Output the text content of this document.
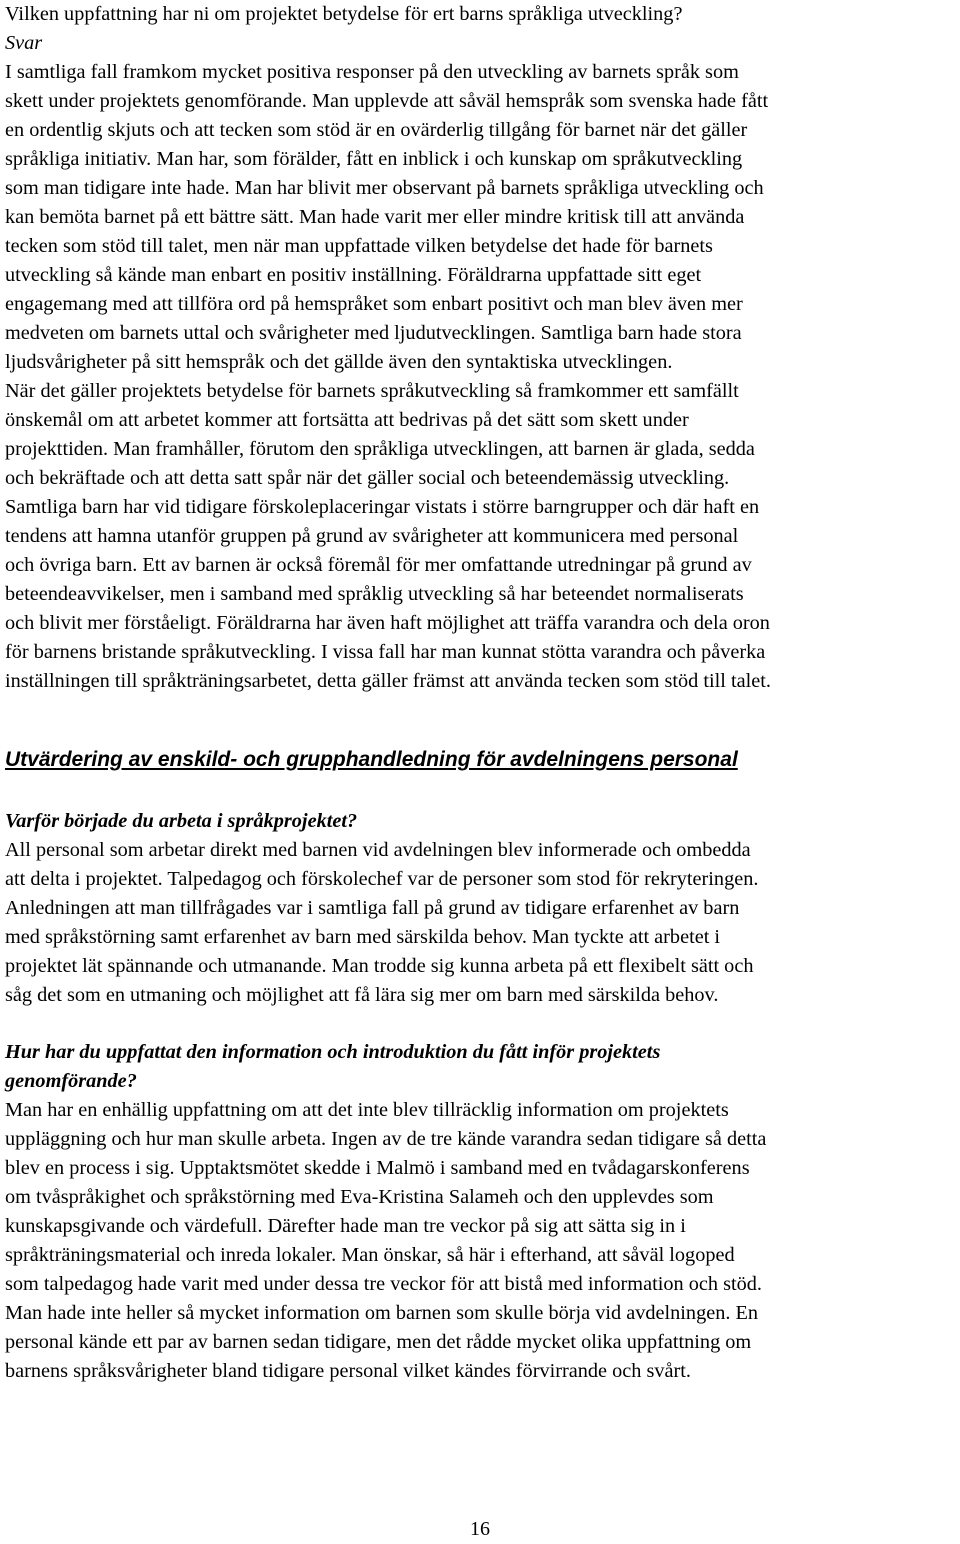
Vilken uppfattning har ni om projektet betydelse för ert barns språkliga utveckling?
Svar
I samtliga fall framkom mycket positiva responser på den utveckling av barnets språk som
skett under projektets genomförande. Man upplevde att såväl hemspråk som svenska hade fått
en ordentlig skjuts och att tecken som stöd är en ovärderlig tillgång för barnet när det gäller
språkliga initiativ. Man har, som förälder, fått en inblick i och kunskap om språkutveckling
som man tidigare inte hade. Man har blivit mer observant på barnets språkliga utveckling och
kan bemöta barnet på ett bättre sätt. Man hade varit mer eller mindre kritisk till att använda
tecken som stöd till talet, men när man uppfattade vilken betydelse det hade för barnets
utveckling så kände man enbart en positiv inställning. Föräldrarna uppfattade sitt eget
engagemang med att tillföra ord på hemspråket som enbart positivt och man blev även mer
medveten om barnets uttal och svårigheter med ljudutvecklingen. Samtliga barn hade stora
ljudsvårigheter på sitt hemspråk och det gällde även den syntaktiska utvecklingen.
När det gäller projektets betydelse för barnets språkutveckling så framkommer ett samfällt
önskemål om att arbetet kommer att fortsätta att bedrivas på det sätt som skett under
projekttiden. Man framhåller, förutom den språkliga utvecklingen, att barnen är glada, sedda
och bekräftade och att detta satt spår när det gäller social och beteendemässig utveckling.
Samtliga barn har vid tidigare förskoleplaceringar vistats i större barngrupper och där haft en
tendens att hamna utanför gruppen på grund av svårigheter att kommunicera med personal
och övriga barn. Ett av barnen är också föremål för mer omfattande utredningar på grund av
beteendeavvikelser, men i samband med språklig utveckling så har beteendet normaliserats
och blivit mer förståeligt. Föräldrarna har även haft möjlighet att träffa varandra och dela oron
för barnens bristande språkutveckling. I vissa fall har man kunnat stötta varandra och påverka
inställningen till språkträningsarbetet, detta gäller främst att använda tecken som stöd till talet.
Utvärdering av enskild- och grupphandledning för avdelningens personal
Varför började du arbeta i språkprojektet?
All personal som arbetar direkt med barnen vid avdelningen blev informerade och ombedda
att delta i projektet. Talpedagog och förskolechef var de personer som stod för rekryteringen.
Anledningen att man tillfrågades var i samtliga fall på grund av tidigare erfarenhet av barn
med språkstörning samt erfarenhet av barn med särskilda behov. Man tyckte att arbetet i
projektet lät spännande och utmanande. Man trodde sig kunna arbeta på ett flexibelt sätt och
såg det som en utmaning och möjlighet att få lära sig mer om barn med särskilda behov.
Hur har du uppfattat den information och introduktion du fått inför projektets
genomförande?
Man har en enhällig uppfattning om att det inte blev tillräcklig information om projektets
uppläggning och hur man skulle arbeta. Ingen av de tre kände varandra sedan tidigare så detta
blev en process i sig. Upptaktsmötet skedde i Malmö i samband med en tvådagarskonferens
om tvåspråkighet och språkstörning med Eva-Kristina Salameh och den upplevdes som
kunskapsgivande och värdefull. Därefter hade man tre veckor på sig att sätta sig in i
språkträningsmaterial och inreda lokaler. Man önskar, så här i efterhand, att såväl logoped
som talpedagog hade varit med under dessa tre veckor för att bistå med information och stöd.
Man hade inte heller så mycket information om barnen som skulle börja vid avdelningen. En
personal kände ett par av barnen sedan tidigare, men det rådde mycket olika uppfattning om
barnens språksvårigheter bland tidigare personal vilket kändes förvirrande och svårt.
16
